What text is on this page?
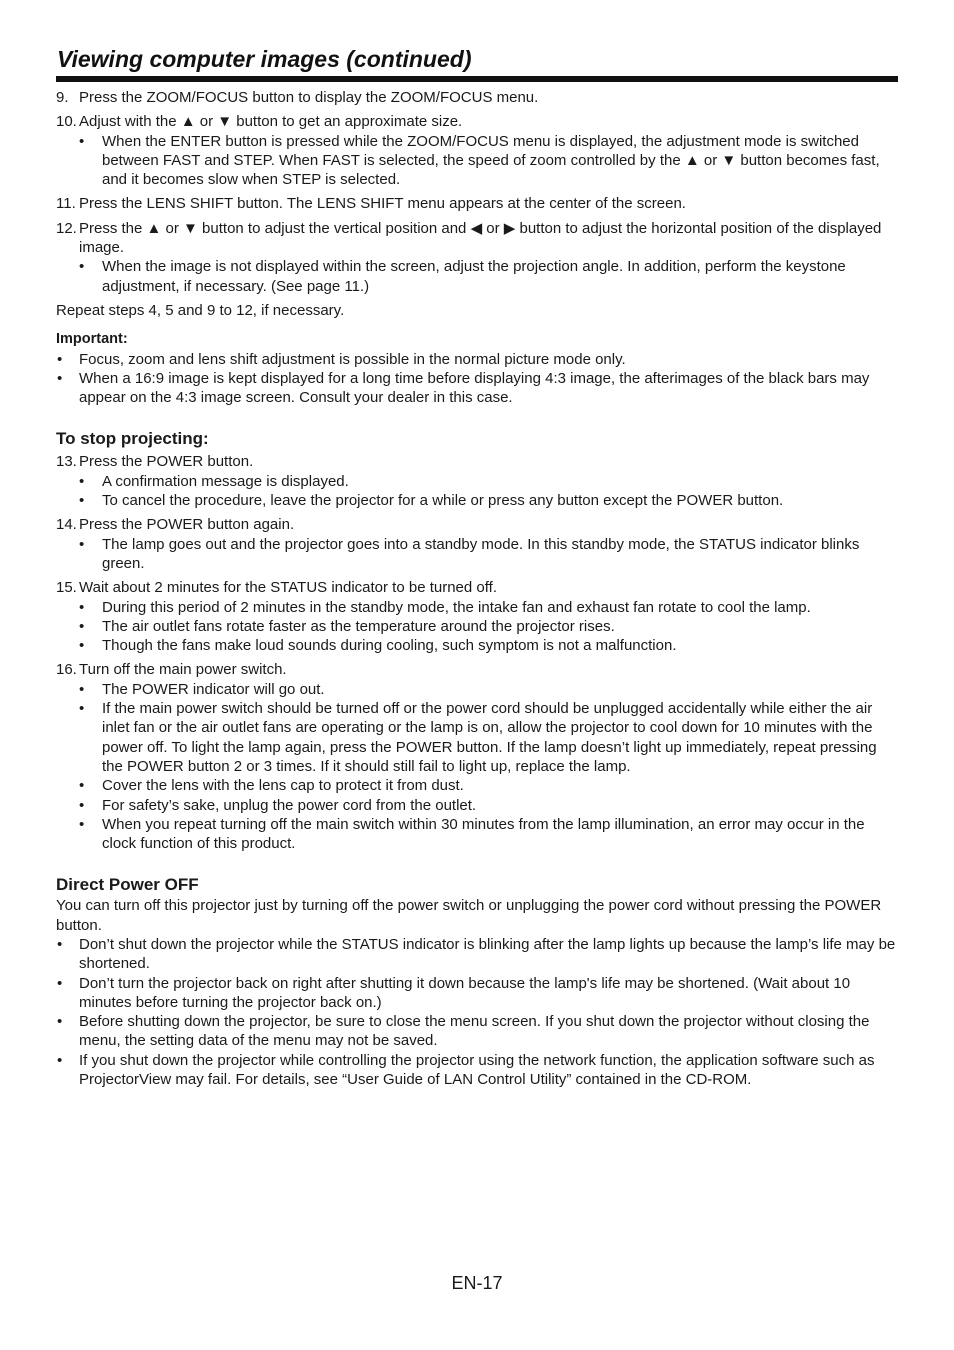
Viewing computer images (continued)
9. Press the ZOOM/FOCUS button to display the ZOOM/FOCUS menu.
10. Adjust with the ▲ or ▼ button to get an approximate size.
• When the ENTER button is pressed while the ZOOM/FOCUS menu is displayed, the adjustment mode is switched between FAST and STEP. When FAST is selected, the speed of zoom controlled by the ▲ or ▼ button becomes fast, and it becomes slow when STEP is selected.
11. Press the LENS SHIFT button. The LENS SHIFT menu appears at the center of the screen.
12. Press the ▲ or ▼ button to adjust the vertical position and ◀ or ▶ button to adjust the horizontal position of the displayed image.
• When the image is not displayed within the screen, adjust the projection angle. In addition, perform the keystone adjustment, if necessary. (See page 11.)
Repeat steps 4, 5 and 9 to 12, if necessary.
Important:
• Focus, zoom and lens shift adjustment is possible in the normal picture mode only.
• When a 16:9 image is kept displayed for a long time before displaying 4:3 image, the afterimages of the black bars may appear on the 4:3 image screen. Consult your dealer in this case.
To stop projecting:
13. Press the POWER button.
• A confirmation message is displayed.
• To cancel the procedure, leave the projector for a while or press any button except the POWER button.
14. Press the POWER button again.
• The lamp goes out and the projector goes into a standby mode. In this standby mode, the STATUS indicator blinks green.
15. Wait about 2 minutes for the STATUS indicator to be turned off.
• During this period of 2 minutes in the standby mode, the intake fan and exhaust fan rotate to cool the lamp.
• The air outlet fans rotate faster as the temperature around the projector rises.
• Though the fans make loud sounds during cooling, such symptom is not a malfunction.
16. Turn off the main power switch.
• The POWER indicator will go out.
• If the main power switch should be turned off or the power cord should be unplugged accidentally while either the air inlet fan or the air outlet fans are operating or the lamp is on, allow the projector to cool down for 10 minutes with the power off. To light the lamp again, press the POWER button. If the lamp doesn’t light up immediately, repeat pressing the POWER button 2 or 3 times. If it should still fail to light up, replace the lamp.
• Cover the lens with the lens cap to protect it from dust.
• For safety’s sake, unplug the power cord from the outlet.
• When you repeat turning off the main switch within 30 minutes from the lamp illumination, an error may occur in the clock function of this product.
Direct Power OFF
You can turn off this projector just by turning off the power switch or unplugging the power cord without pressing the POWER button.
• Don’t shut down the projector while the STATUS indicator is blinking after the lamp lights up because the lamp’s life may be shortened.
• Don’t turn the projector back on right after shutting it down because the lamp's life may be shortened. (Wait about 10 minutes before turning the projector back on.)
• Before shutting down the projector, be sure to close the menu screen. If you shut down the projector without closing the menu, the setting data of the menu may not be saved.
• If you shut down the projector while controlling the projector using the network function, the application software such as ProjectorView may fail. For details, see “User Guide of LAN Control Utility” contained in the CD-ROM.
EN-17
